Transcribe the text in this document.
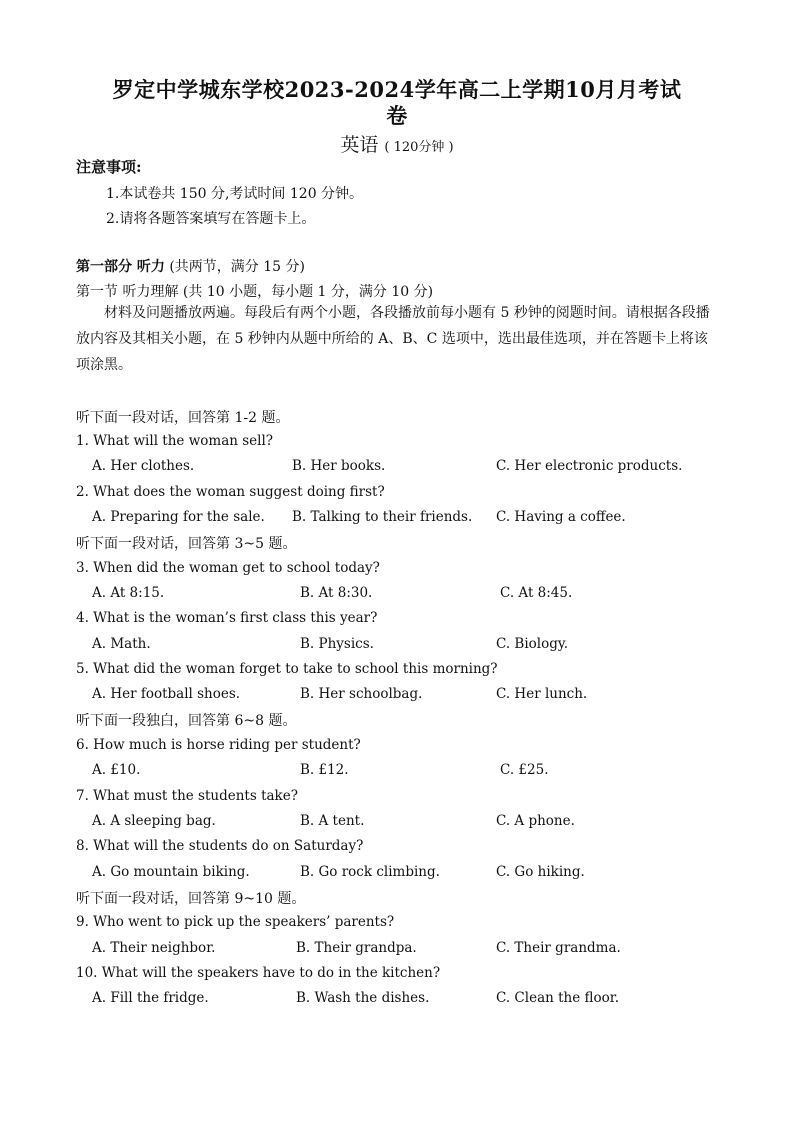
罗定中学城东学校2023-2024学年高二上学期10月月考试
卷
英语 ( 120分钟 )
注意事项:
1.本试卷共 150 分,考试时间 120 分钟。
2.请将各题答案填写在答题卡上。
第一部分 听力 (共两节，满分 15 分)
第一节 听力理解 (共 10 小题，每小题 1 分，满分 10 分)
材料及问题播放两遍。每段后有两个小题，各段播放前每小题有 5 秒钟的阅题时间。请根据各段播放内容及其相关小题，在 5 秒钟内从题中所给的 A、B、C 选项中，选出最佳选项，并在答题卡上将该项涂黑。
听下面一段对话，回答第 1-2 题。
1. What will the woman sell?
A. Her clothes.	B. Her books.	C. Her electronic products.
2. What does the woman suggest doing first?
A. Preparing for the sale. B. Talking to their friends. C. Having a coffee.
听下面一段对话，回答第 3~5 题。
3. When did the woman get to school today?
A. At 8:15.	B. At 8:30.	C. At 8:45.
4. What is the woman’s first class this year?
A. Math.	B. Physics.	C. Biology.
5. What did the woman forget to take to school this morning?
A. Her football shoes.	B. Her schoolbag.	C. Her lunch.
听下面一段独白，回答第 6~8 题。
6. How much is horse riding per student?
A. £10.	B. £12.	C. £25.
7. What must the students take?
A. A sleeping bag.	B. A tent.	C. A phone.
8. What will the students do on Saturday?
A. Go mountain biking.	B. Go rock climbing.	C. Go hiking.
听下面一段对话，回答第 9~10 题。
9. Who went to pick up the speakers’ parents?
A. Their neighbor.	B. Their grandpa.	C. Their grandma.
10. What will the speakers have to do in the kitchen?
A. Fill the fridge.	B. Wash the dishes.	C. Clean the floor.
